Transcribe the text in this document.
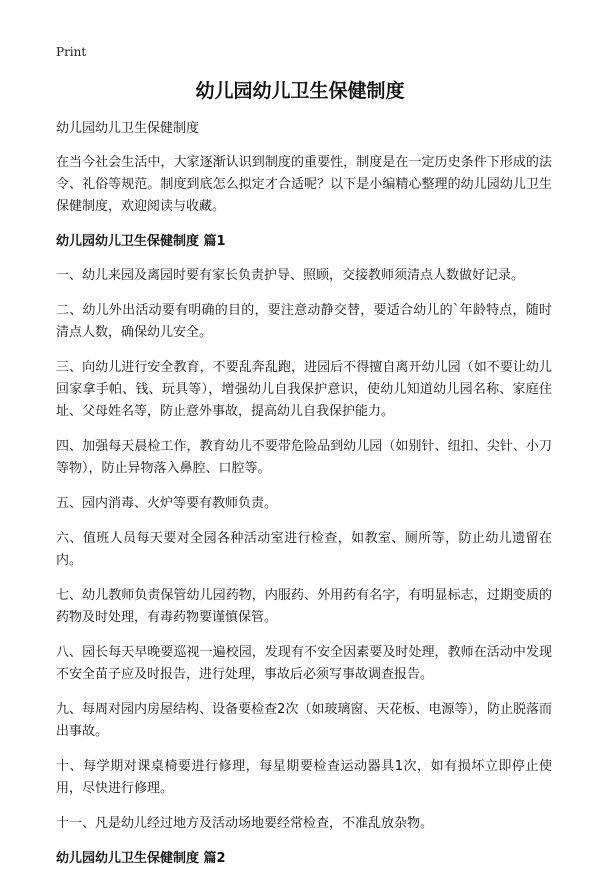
Print
幼儿园幼儿卫生保健制度

幼儿园幼儿卫生保健制度

在当今社会生活中，大家逐渐认识到制度的重要性，制度是在一定历史条件下形成的法令、礼俗等规范。制度到底怎么拟定才合适呢？以下是小编精心整理的幼儿园幼儿卫生保健制度，欢迎阅读与收藏。

幼儿园幼儿卫生保健制度 篇1

一、幼儿来园及离园时要有家长负责护导、照顾，交接教师须清点人数做好记录。

二、幼儿外出活动要有明确的目的，要注意动静交替，要适合幼儿的`年龄特点，随时清点人数，确保幼儿安全。

三、向幼儿进行安全教育，不要乱奔乱跑，进园后不得擅自离开幼儿园（如不要让幼儿回家拿手帕、钱、玩具等），增强幼儿自我保护意识，使幼儿知道幼儿园名称、家庭住址、父母姓名等，防止意外事故，提高幼儿自我保护能力。

四、加强每天晨检工作，教育幼儿不要带危险品到幼儿园（如别针、纽扣、尖针、小刀等物），防止异物落入鼻腔、口腔等。

五、园内消毒、火炉等要有教师负责。

六、值班人员每天要对全园各种活动室进行检查，如教室、厕所等，防止幼儿遗留在内。

七、幼儿教师负责保管幼儿园药物，内服药、外用药有名字，有明显标志，过期变质的药物及时处理，有毒药物要谨慎保管。

八、园长每天早晚要巡视一遍校园，发现有不安全因素要及时处理，教师在活动中发现不安全苗子应及时报告，进行处理，事故后必须写事故调查报告。

九、每周对园内房屋结构、设备要检查2次（如玻璃窗、天花板、电源等），防止脱落而出事故。

十、每学期对课桌椅要进行修理，每星期要检查运动器具1次，如有损坏立即停止使用，尽快进行修理。

十一、凡是幼儿经过地方及活动场地要经常检查，不准乱放杂物。

幼儿园幼儿卫生保健制度 篇2
